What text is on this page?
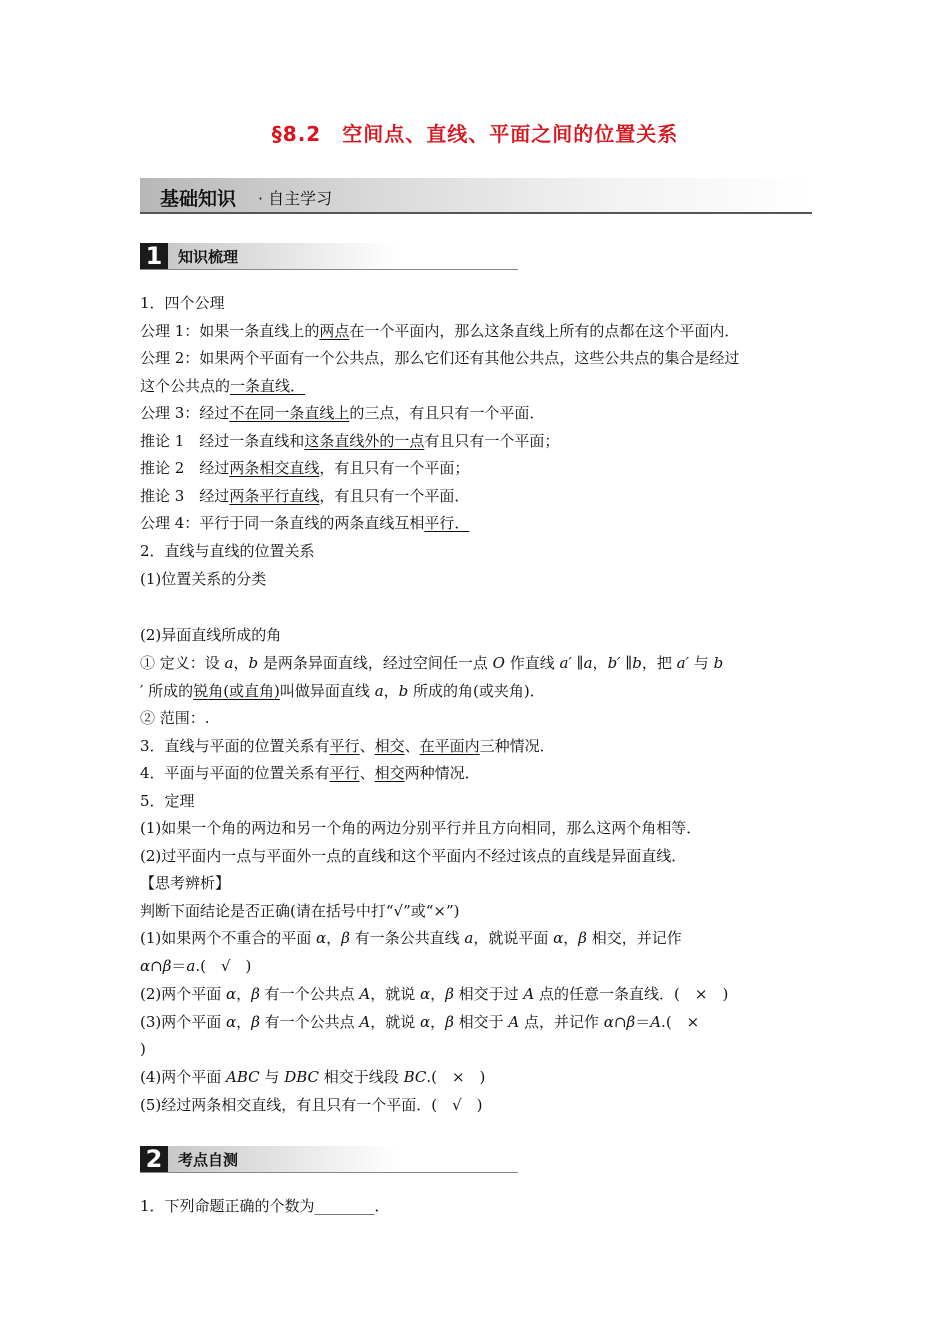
§8.2　空间点、直线、平面之间的位置关系
基础知识 · 自主学习
1	知识梳理
1．四个公理
公理 1：如果一条直线上的两点在一个平面内，那么这条直线上所有的点都在这个平面内．
公理 2：如果两个平面有一个公共点，那么它们还有其他公共点，这些公共点的集合是经过
这个公共点的一条直线．
公理 3：经过不在同一条直线上的三点，有且只有一个平面．
推论 1　经过一条直线和这条直线外的一点有且只有一个平面；
推论 2　经过两条相交直线，有且只有一个平面；
推论 3　经过两条平行直线，有且只有一个平面．
公理 4：平行于同一条直线的两条直线互相平行．
2．直线与直线的位置关系
(1)位置关系的分类
(2)异面直线所成的角
① 定义：设 a，b 是两条异面直线，经过空间任一点 O 作直线 a′ ∥a，b′ ∥b，把 a′ 与 b
′ 所成的锐角(或直角)叫做异面直线 a，b 所成的角(或夹角)．
② 范围：.
3．直线与平面的位置关系有平行、相交、在平面内三种情况．
4．平面与平面的位置关系有平行、相交两种情况．
5．定理
(1)如果一个角的两边和另一个角的两边分别平行并且方向相同，那么这两个角相等．
(2)过平面内一点与平面外一点的直线和这个平面内不经过该点的直线是异面直线．
【思考辨析】
判断下面结论是否正确(请在括号中打“√”或“×”)
(1)如果两个不重合的平面 α，β 有一条公共直线 a，就说平面 α，β 相交，并记作
α∩β＝a.(　√　)
(2)两个平面 α，β 有一个公共点 A，就说 α，β 相交于过 A 点的任意一条直线．(　×　)
(3)两个平面 α，β 有一个公共点 A，就说 α，β 相交于 A 点，并记作 α∩β＝A.(　×
)
(4)两个平面 ABC 与 DBC 相交于线段 BC.(　×　)
(5)经过两条相交直线，有且只有一个平面．(　√　)
2	考点自测
1．下列命题正确的个数为________．
